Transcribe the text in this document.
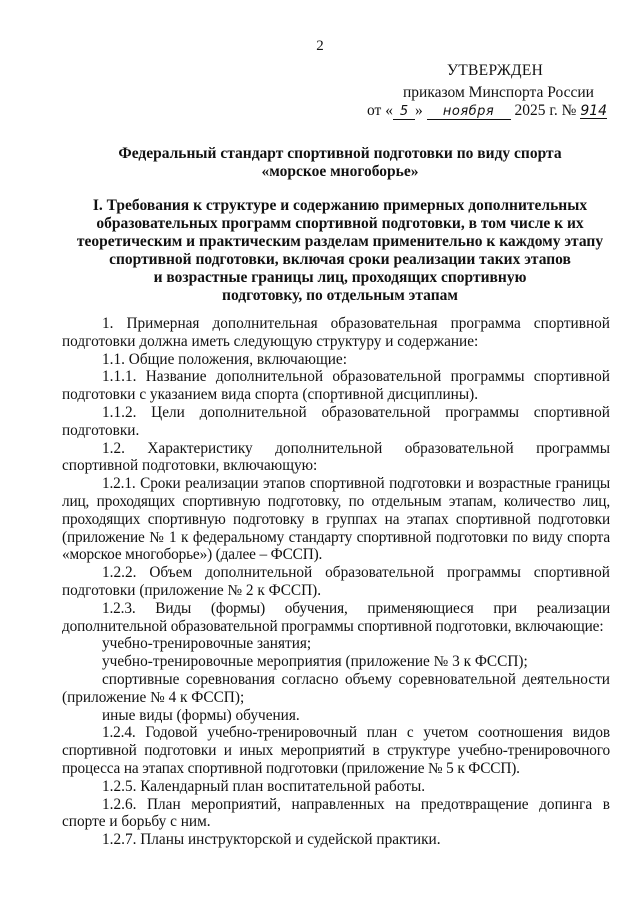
2
УТВЕРЖДЕН
приказом Минспорта России
от « 5 » ноября 2025 г. № 914
Федеральный стандарт спортивной подготовки по виду спорта
«морское многоборье»
I. Требования к структуре и содержанию примерных дополнительных
образовательных программ спортивной подготовки, в том числе к их
теоретическим и практическим разделам применительно к каждому этапу
спортивной подготовки, включая сроки реализации таких этапов
и возрастные границы лиц, проходящих спортивную
подготовку, по отдельным этапам

1. Примерная дополнительная образовательная программа спортивной подготовки должна иметь следующую структуру и содержание:

1.1. Общие положения, включающие:

1.1.1. Название дополнительной образовательной программы спортивной подготовки с указанием вида спорта (спортивной дисциплины).

1.1.2. Цели дополнительной образовательной программы спортивной подготовки.

1.2. Характеристику дополнительной образовательной программы спортивной подготовки, включающую:

1.2.1. Сроки реализации этапов спортивной подготовки и возрастные границы лиц, проходящих спортивную подготовку, по отдельным этапам, количество лиц, проходящих спортивную подготовку в группах на этапах спортивной подготовки (приложение № 1 к федеральному стандарту спортивной подготовки по виду спорта «морское многоборье») (далее – ФССП).

1.2.2. Объем дополнительной образовательной программы спортивной подготовки (приложение № 2 к ФССП).

1.2.3. Виды (формы) обучения, применяющиеся при реализации дополнительной образовательной программы спортивной подготовки, включающие:

учебно-тренировочные занятия;

учебно-тренировочные мероприятия (приложение № 3 к ФССП);

спортивные соревнования согласно объему соревновательной деятельности (приложение № 4 к ФССП);

иные виды (формы) обучения.

1.2.4. Годовой учебно-тренировочный план с учетом соотношения видов спортивной подготовки и иных мероприятий в структуре учебно-тренировочного процесса на этапах спортивной подготовки (приложение № 5 к ФССП).

1.2.5. Календарный план воспитательной работы.

1.2.6. План мероприятий, направленных на предотвращение допинга в спорте и борьбу с ним.

1.2.7. Планы инструкторской и судейской практики.
